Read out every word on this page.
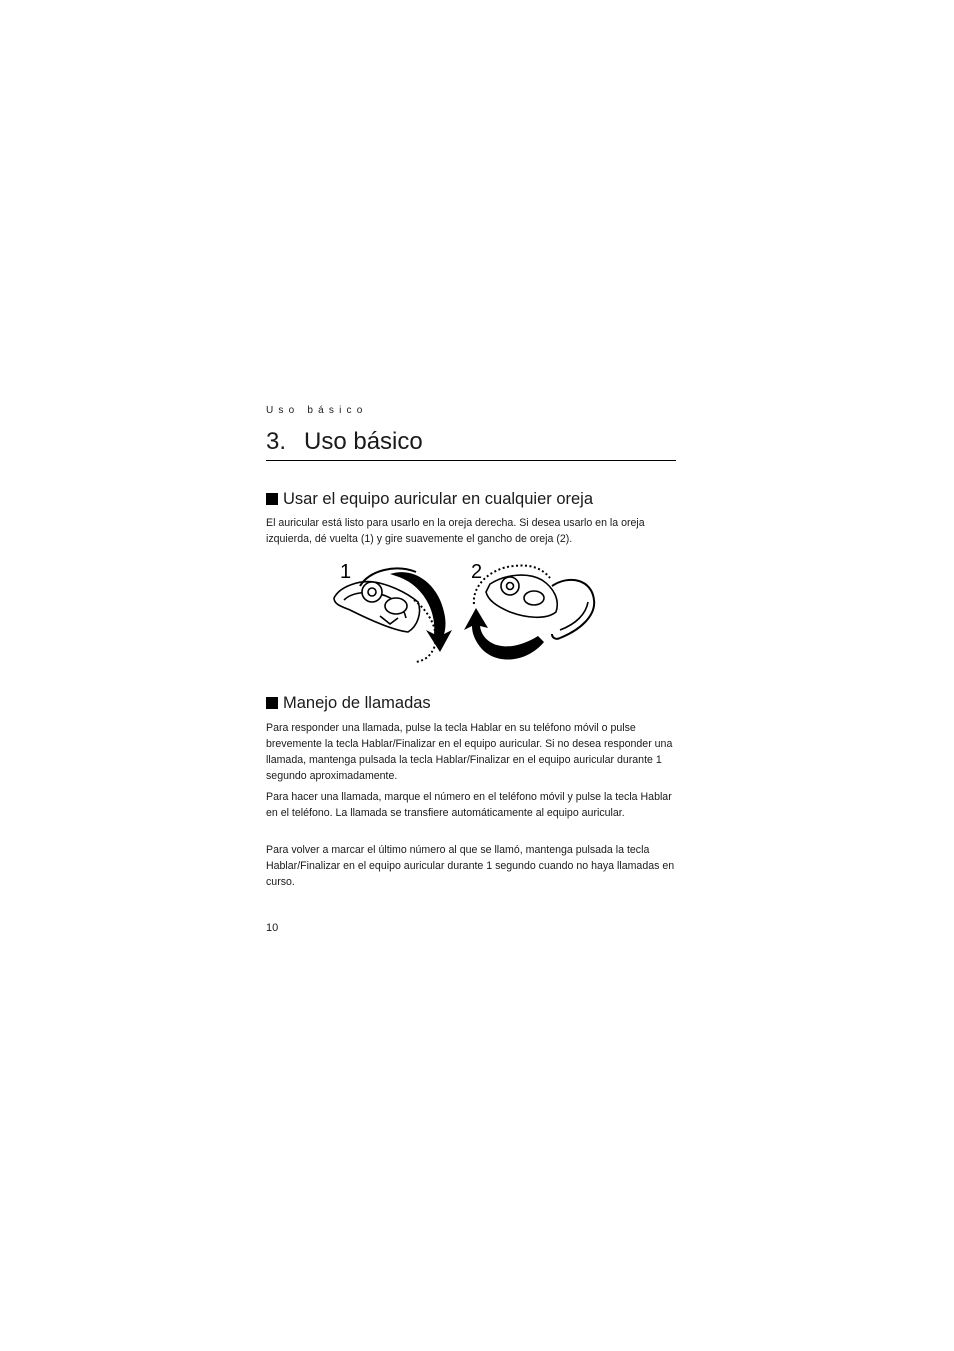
Uso básico
3. Uso básico
Usar el equipo auricular en cualquier oreja

El auricular está listo para usarlo en la oreja derecha. Si desea usarlo en la oreja izquierda, dé vuelta (1) y gire suavemente el gancho de oreja (2).

1	2
Manejo de llamadas

Para responder una llamada, pulse la tecla Hablar en su teléfono móvil o pulse brevemente la tecla Hablar/Finalizar en el equipo auricular. Si no desea responder una llamada, mantenga pulsada la tecla Hablar/Finalizar en el equipo auricular durante 1 segundo aproximadamente.

Para hacer una llamada, marque el número en el teléfono móvil y pulse la tecla Hablar en el teléfono. La llamada se transfiere automáticamente al equipo auricular.

Para volver a marcar el último número al que se llamó, mantenga pulsada la tecla Hablar/Finalizar en el equipo auricular durante 1 segundo cuando no haya llamadas en curso.

10
